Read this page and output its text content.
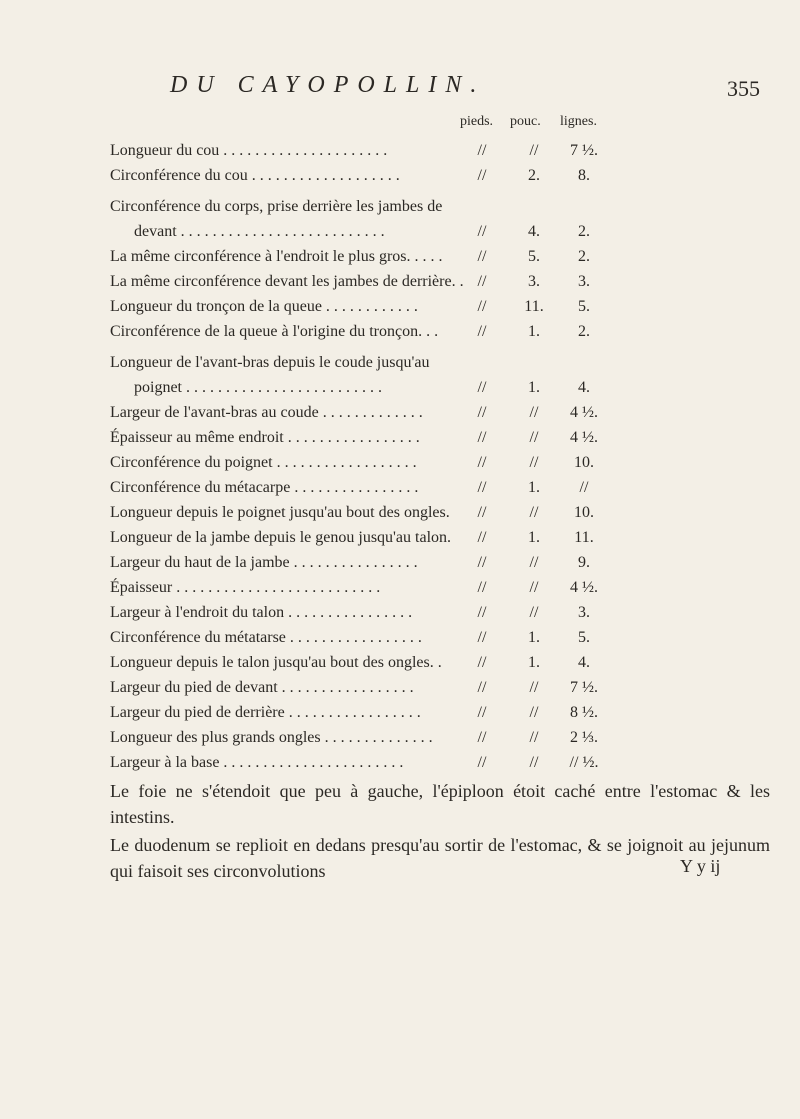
DU CAYOPOLLIN.	355
pieds. pouc. lignes.
Longueur du cou . . . . . . . . . . . . . . . . . . . . .	//	//	7 ½.
Circonférence du cou . . . . . . . . . . . . . . . . . . .	//	2.	8.
Circonférence du corps, prise derrière les jambes de
devant . . . . . . . . . . . . . . . . . . . . . . . . . .	//	4.	2.
La même circonférence à l'endroit le plus gros. . . . .	//	5.	2.
La même circonférence devant les jambes de derrière. . //	3.	3.
Longueur du tronçon de la queue . . . . . . . . . . . .	//	11.	5.
Circonférence de la queue à l'origine du tronçon. . .	//	1.	2.
Longueur de l'avant-bras depuis le coude jusqu'au
poignet . . . . . . . . . . . . . . . . . . . . . . . . .	//	1.	4.
Largeur de l'avant-bras au coude . . . . . . . . . . . . .	//	//	4 ½.
Épaisseur au même endroit . . . . . . . . . . . . . . . . .	//	//	4 ½.
Circonférence du poignet . . . . . . . . . . . . . . . . . .	//	//	10.
Circonférence du métacarpe . . . . . . . . . . . . . . . .	//	1.	//
Longueur depuis le poignet jusqu'au bout des ongles.	//	//	10.
Longueur de la jambe depuis le genou jusqu'au talon.	//	1.	11.
Largeur du haut de la jambe . . . . . . . . . . . . . . . .	//	//	9.
Épaisseur . . . . . . . . . . . . . . . . . . . . . . . . . .	//	//	4 ½.
Largeur à l'endroit du talon . . . . . . . . . . . . . . . .	//	//	3.
Circonférence du métatarse . . . . . . . . . . . . . . . . .	//	1.	5.
Longueur depuis le talon jusqu'au bout des ongles. .	//	1.	4.
Largeur du pied de devant . . . . . . . . . . . . . . . . .	//	//	7 ½.
Largeur du pied de derrière . . . . . . . . . . . . . . . . .	//	//	8 ½.
Longueur des plus grands ongles . . . . . . . . . . . . . .	//	//	2 ⅓.
Largeur à la base . . . . . . . . . . . . . . . . . . . . . . .	//	//	// ½.
Le foie ne s'étendoit que peu à gauche, l'épiploon étoit caché entre l'estomac & les intestins.
Le duodenum se replioit en dedans presqu'au sortir de l'estomac, & se joignoit au jejunum qui faisoit ses circonvolutions	Y y ij
